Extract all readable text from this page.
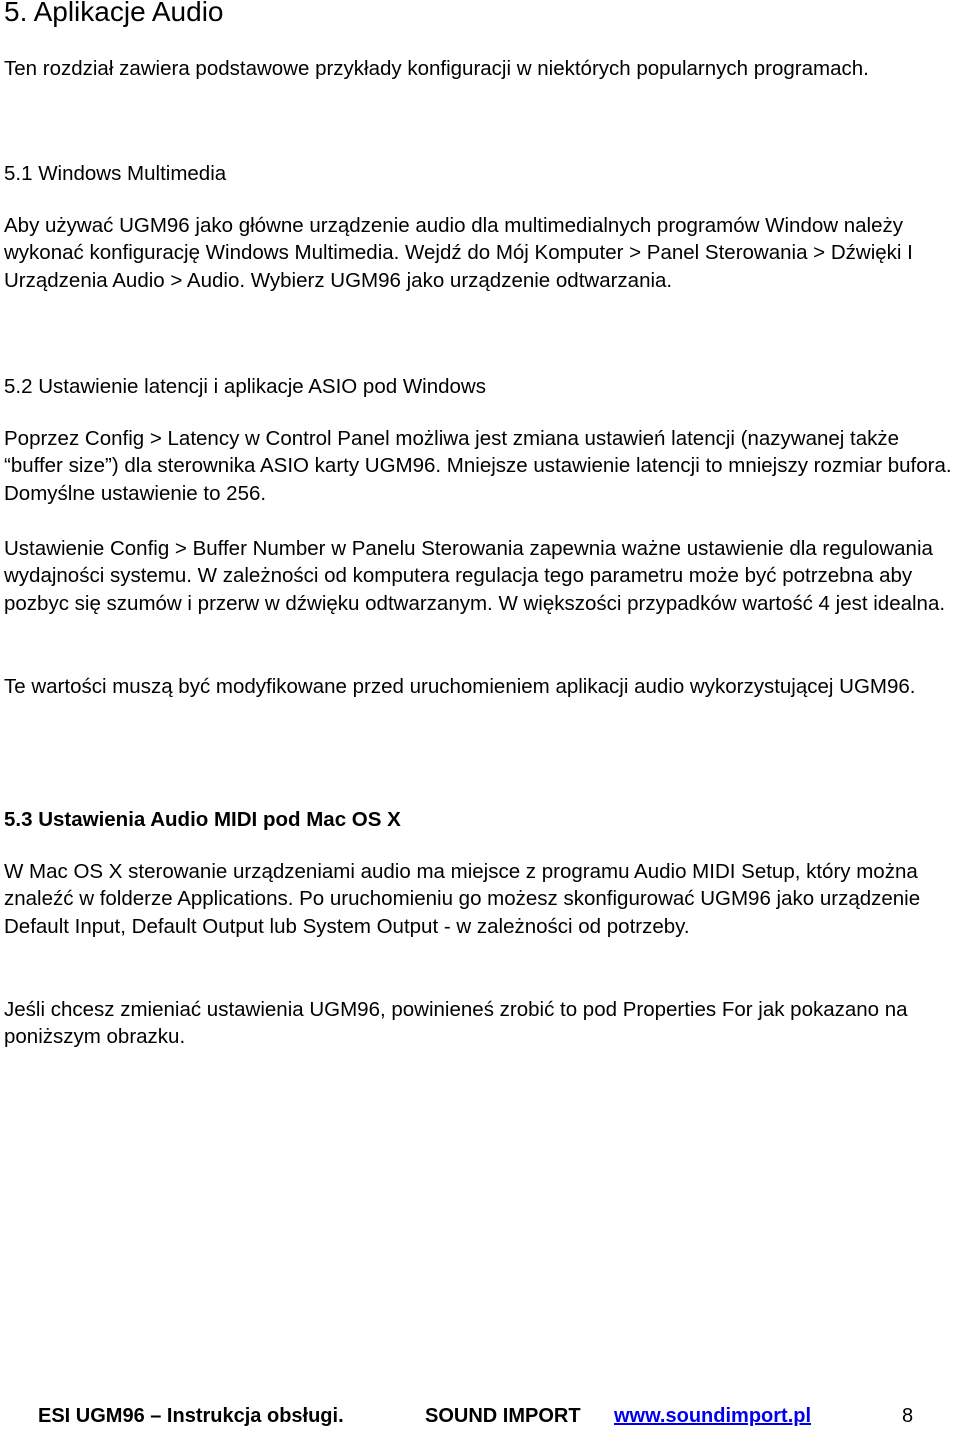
5. Aplikacje Audio

Ten rozdział zawiera podstawowe przykłady konfiguracji w niektórych popularnych programach.

5.1 Windows Multimedia

Aby używać UGM96 jako główne urządzenie audio dla multimedialnych programów Window należy wykonać konfigurację Windows Multimedia. Wejdź do Mój Komputer > Panel Sterowania > Dźwięki I Urządzenia Audio > Audio. Wybierz UGM96 jako urządzenie odtwarzania.

5.2 Ustawienie latencji i aplikacje ASIO pod Windows

Poprzez Config > Latency w Control Panel możliwa jest zmiana ustawień latencji (nazywanej także “buffer size”) dla sterownika ASIO karty UGM96. Mniejsze ustawienie latencji to mniejszy rozmiar bufora. Domyślne ustawienie to 256.

Ustawienie Config > Buffer Number w Panelu Sterowania zapewnia ważne ustawienie dla regulowania wydajności systemu. W zależności od komputera regulacja tego parametru może być potrzebna aby pozbyc się szumów i przerw w dźwięku odtwarzanym. W większości przypadków wartość 4 jest idealna.

Te wartości muszą być modyfikowane przed uruchomieniem aplikacji audio wykorzystującej UGM96.

5.3 Ustawienia Audio MIDI pod Mac OS X

W Mac OS X sterowanie urządzeniami audio ma miejsce z programu Audio MIDI Setup, który można znaleźć w folderze Applications. Po uruchomieniu go możesz skonfigurować UGM96 jako urządzenie Default Input, Default Output lub System Output - w zależności od potrzeby.

Jeśli chcesz zmieniać ustawienia UGM96, powinieneś zrobić to pod Properties For jak pokazano na poniższym obrazku.

ESI UGM96 – Instrukcja obsługi.	SOUND IMPORT www.soundimport.pl	8
